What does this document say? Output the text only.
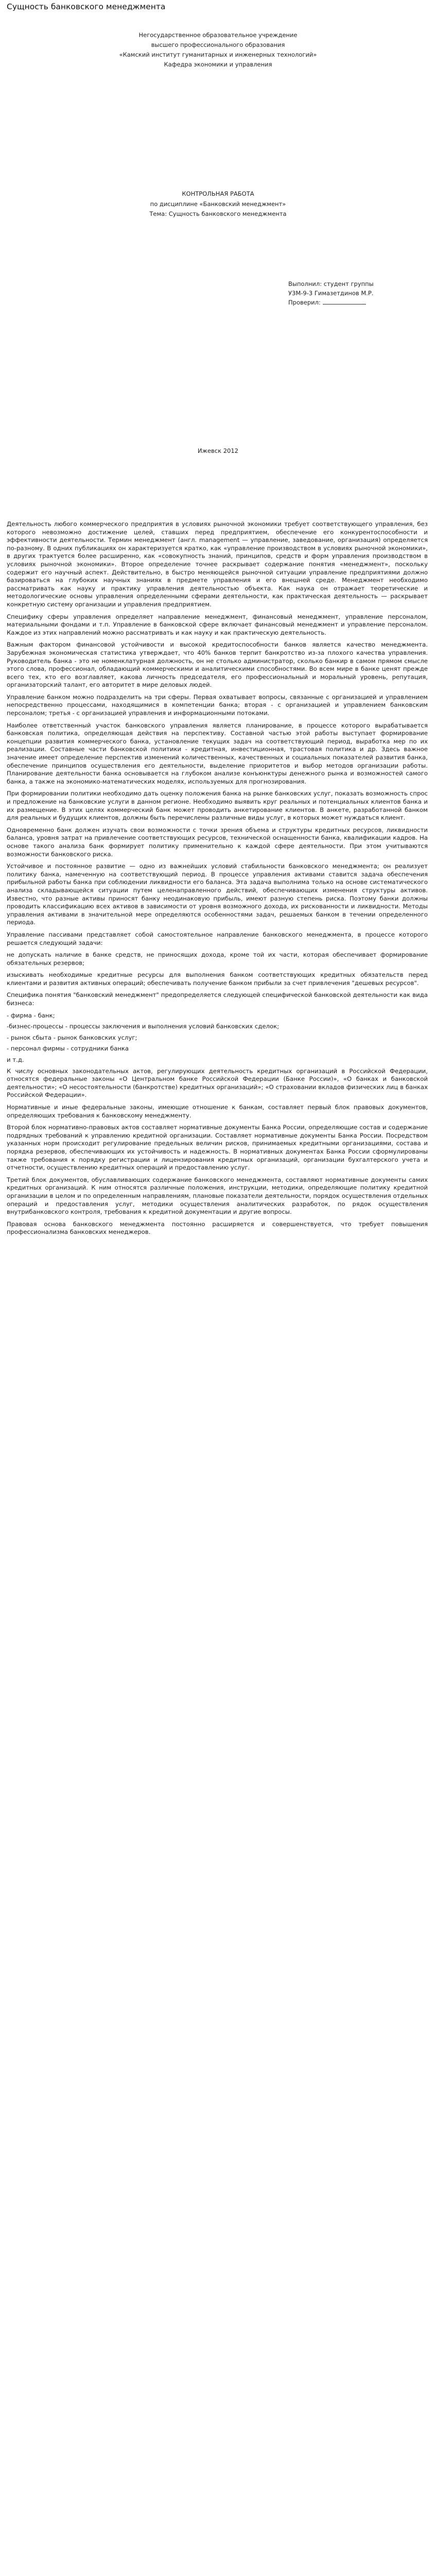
Сущность банковского менеджмента
Негосударственное образовательное учреждение
высшего профессионального образования
«Камский институт гуманитарных и инженерных технологий»
Кафедра экономики и управления
КОНТРОЛЬНАЯ РАБОТА
по дисциплине «Банковский менеджмент»
Тема: Сущность банковского менеджмента
Выполнил: студент группы
У3М-9-3 Гимазетдинов М.Р.
Проверил:
Ижевск 2012

Деятельность любого коммерческого предприятия в условиях рыночной экономики требует соответствующего управления, без которого невозможно достижение целей, ставших перед предприятием, обеспечение его конкурентоспособности и эффективности деятельности. Термин менеджмент (англ. management — управление, заведование, организация) определяется по-разному. В одних публикациях он характеризуется кратко, как «управление производством в условиях рыночной экономики», в других трактуется более расширенно, как «совокупность знаний, принципов, средств и форм управления производством в условиях рыночной экономики». Второе определение точнее раскрывает содержание понятия «менеджмент», поскольку содержит его научный аспект. Действительно, в быстро меняющейся рыночной ситуации управление предприятиями должно базироваться на глубоких научных знаниях в предмете управления и его внешней среде. Менеджмент необходимо рассматривать как науку и практику управления деятельностью объекта. Как наука он отражает теоретические и методологические основы управления определенными сферами деятельности, как практическая деятельность — раскрывает конкретную систему организации и управления предприятием.

Специфику сферы управления определяет направление менеджмент, финансовый менеджмент, управление персоналом, материальными фондами и т.п. Управление в банковской сфере включает финансовый менеджмент и управление персоналом. Каждое из этих направлений можно рассматривать и как науку и как практическую деятельность.

Важным фактором финансовой устойчивости и высокой кредитоспособности банков является качество менеджмента. Зарубежная экономическая статистика утверждает, что 40% банков терпит банкротство из-за плохого качества управления. Руководитель банка - это не номенклатурная должность, он не столько администратор, сколько банкир в самом прямом смысле этого слова, профессионал, обладающий коммерческими и аналитическими способностями. Во всем мире в банке ценят прежде всего тех, кто его возглавляет, какова личность председателя, его профессиональный и моральный уровень, репутация, организаторский талант, его авторитет в мире деловых людей.

Управление банком можно подразделить на три сферы. Первая охватывает вопросы, связанные с организацией и управлением непосредственно процессами, находящимися в компетенции банка; вторая - с организацией и управлением банковским персоналом; третья - с организацией управления и информационными потоками.

Наиболее ответственный участок банковского управления является планирование, в процессе которого вырабатывается банковская политика, определяющая действия на перспективу. Составной частью этой работы выступает формирование концепции развития коммерческого банка, установление текущих задач на соответствующий период, выработка мер по их реализации. Составные части банковской политики - кредитная, инвестиционная, трастовая политика и др. Здесь важное значение имеет определение перспектив изменений количественных, качественных и социальных показателей развития банка, обеспечение принципов осуществления его деятельности, выделение приоритетов и выбор методов организации работы. Планирование деятельности банка основывается на глубоком анализе конъюнктуры денежного рынка и возможностей самого банка, а также на экономико-математических моделях, используемых для прогнозирования.

При формировании политики необходимо дать оценку положения банка на рынке банковских услуг, показать возможность спрос и предложение на банковские услуги в данном регионе. Необходимо выявить круг реальных и потенциальных клиентов банка и их размещение. В этих целях коммерческий банк может проводить анкетирование клиентов. В анкете, разработанной банком для реальных и будущих клиентов, должны быть перечислены различные виды услуг, в которых может нуждаться клиент.

Одновременно банк должен изучать свои возможности с точки зрения объема и структуры кредитных ресурсов, ликвидности баланса, уровня затрат на привлечение соответствующих ресурсов, технической оснащенности банка, квалификации кадров. На основе такого анализа банк формирует политику применительно к каждой сфере деятельности. При этом учитываются возможности банковского риска.

Устойчивое и постоянное развитие — одно из важнейших условий стабильности банковского менеджмента; он реализует политику банка, намеченную на соответствующий период. В процессе управления активами ставится задача обеспечения прибыльной работы банка при соблюдении ликвидности его баланса. Эта задача выполнима только на основе систематического анализа складывающейся ситуации путем целенаправленного действий, обеспечивающих изменения структуры активов. Известно, что разные активы приносят банку неодинаковую прибыль, имеют разную степень риска. Поэтому банки должны проводить классификацию всех активов в зависимости от уровня возможного дохода, их рискованности и ликвидности. Методы управления активами в значительной мере определяются особенностями задач, решаемых банком в течении определенного периода.

Управление пассивами представляет собой самостоятельное направление банковского менеджмента, в процессе которого решается следующий задачи:

не допускать наличие в банке средств, не приносящих дохода, кроме той их части, которая обеспечивает формирование обязательных резервов;

изыскивать необходимые кредитные ресурсы для выполнения банком соответствующих кредитных обязательств перед клиентами и развития активных операций; обеспечивать получение банком прибыли за счет привлечения "дешевых ресурсов".

Спецификa понятия "банковский менеджмент" предопределяется следующей специфической банковской деятельности как вида бизнеса:

- фирма - банк;

-бизнес-процессы - процессы заключения и выполнения условий банковских сделок;

- рынок сбыта - рынок банковских услуг;

- персонал фирмы - сотрудники банка

и т.д.

К числу основных законодательных актов, регулирующих деятельность кредитных организаций в Российской Федерации, относятся федеральные законы «О Центральном банке Российской Федерации (Банке России)», «О банках и банковской деятельности»; «О несостоятельности (банкротстве) кредитных организаций»; «О страховании вкладов физических лиц в банках Российской Федерации».

Нормативные и иные федеральные законы, имеющие отношение к банкам, составляет первый блок правовых документов, определяющих требования к банковскому менеджменту.

Второй блок нормативно-правовых актов составляет нормативные документы Банка России, определяющие состав и содержание подрядных требований к управлению кредитной организации. Составляет нормативные документы Банка России. Посредством указанных норм происходит регулирование предельных величин рисков, принимаемых кредитными организациями, состава и порядка резервов, обеспечивающих их устойчивость и надежность. В нормативных документах Банка России сформулированы также требования к порядку регистрации и лицензирования кредитных организаций, организации бухгалтерского учета и отчетности, осуществлению кредитных операций и предоставлению услуг.

Третий блок документов, обуславливающих содержание банковского менеджмента, составляют нормативные документы самих кредитных организаций. К ним относятся различные положения, инструкции, методики, определяющие политику кредитной организации в целом и по определенным направлениям, плановые показатели деятельности, порядок осуществления отдельных операций и предоставления услуг, методики осуществления аналитических разработок, по рядок осуществления внутрибанковского контроля, требования к кредитной документации и другие вопросы.

Правовая основа банковского менеджмента постоянно расширяется и совершенствуется, что требует повышения профессионализма банковских менеджеров.
